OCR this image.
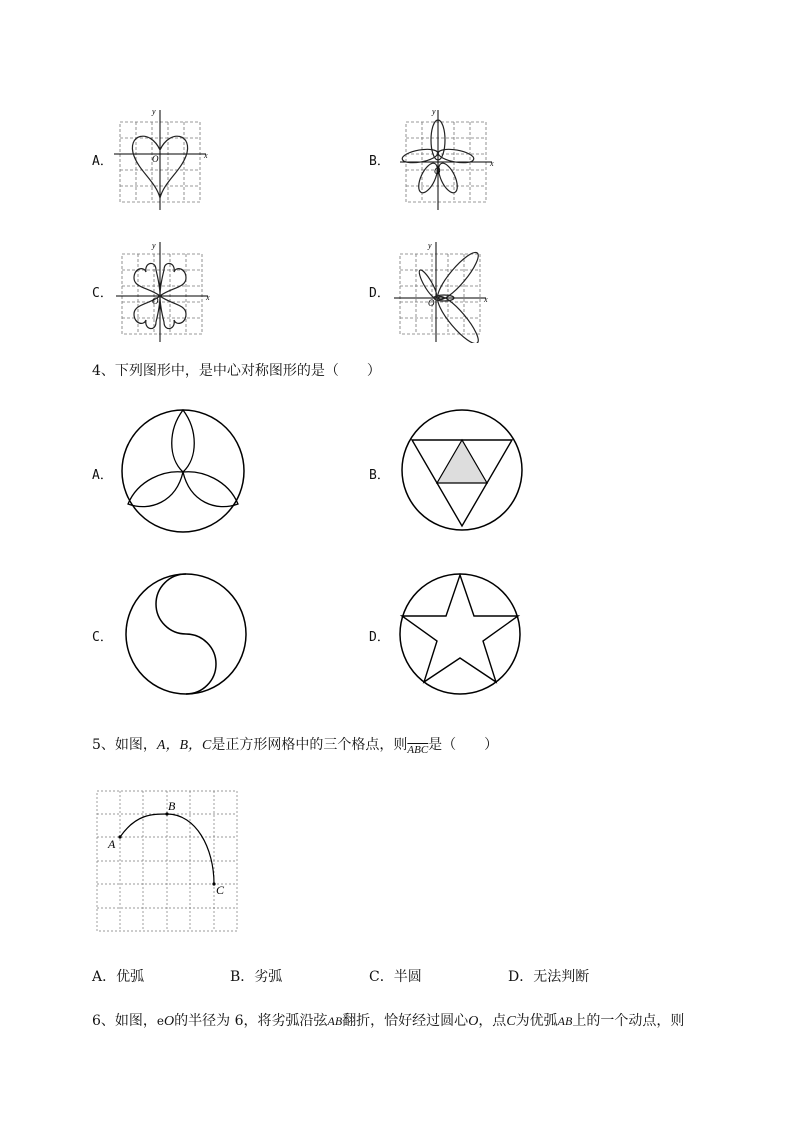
A．	x
y
O	B．	x
y
O
C．	x
y
O	D．	x
y
O
4、下列图形中，是中心对称图形的是（　　）
A．	B．
C．	D．
5、如图，A，B，C是正方形网格中的三个格点，则$_{\overline{ABC}}$是（　　）
A
B
C
A．优弧	B．劣弧	C．半圆	D．无法判断
6、如图，eO的半径为 6，将劣弧沿弦AB翻折，恰好经过圆心O，点C为优弧AB上的一个动点，则
